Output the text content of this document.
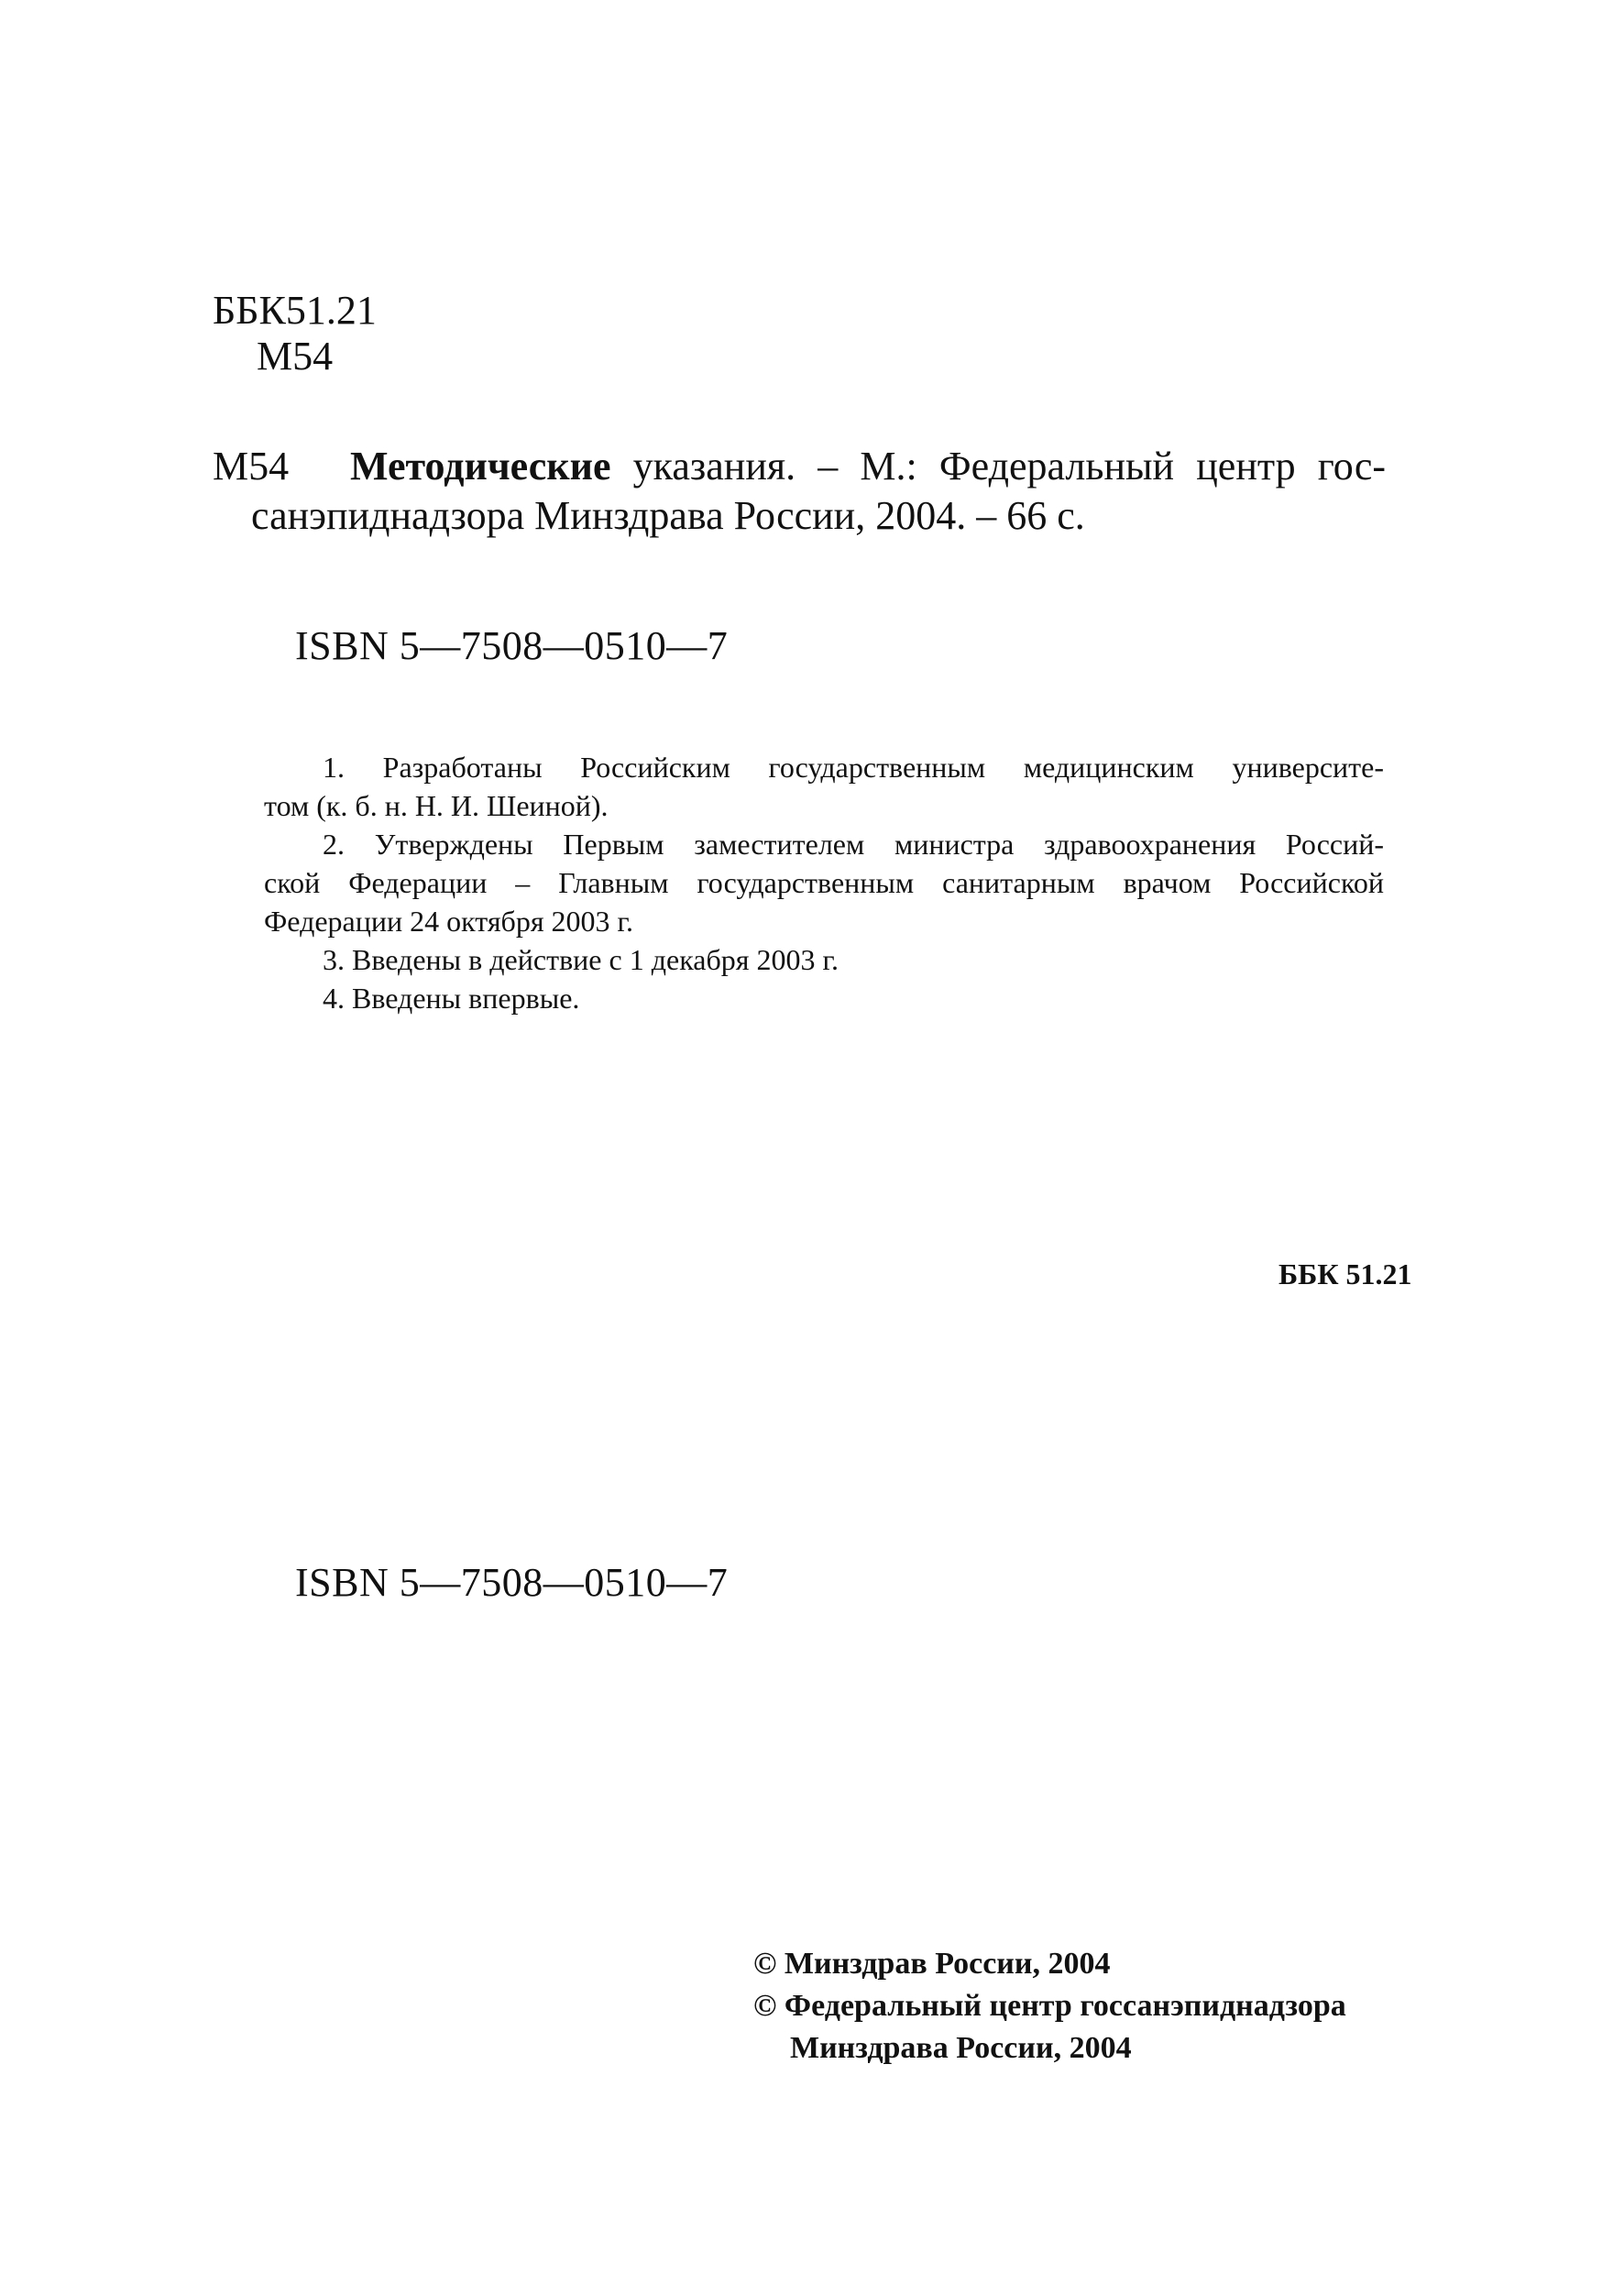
ББК51.21
М54
М54 Методические указания. – М.: Федеральный центр гос-
санэпиднадзора Минздрава России, 2004. – 66 с.
ISBN 5—7508—0510—7
1. Разработаны Российским государственным медицинским университе-
том (к. б. н. Н. И. Шеиной).
2. Утверждены Первым заместителем министра здравоохранения Россий-
ской Федерации – Главным государственным санитарным врачом Российской
Федерации 24 октября 2003 г.
3. Введены в действие с 1 декабря 2003 г.
4. Введены впервые.
ББК 51.21
ISBN 5—7508—0510—7
© Минздрав России, 2004
© Федеральный центр госсанэпиднадзора
Минздрава России, 2004
